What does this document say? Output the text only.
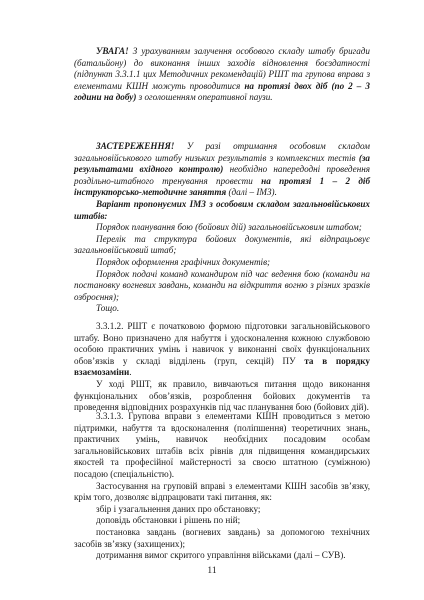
УВАГА! З урахуванням залучення особового складу штабу бригади (батальйону) до виконання інших заходів відновлення боєздатності (підпункт 3.3.1.1 цих Методичних рекомендацій) РШТ та групова вправа з елементами КШН можуть проводитися на протязі двох діб (по 2 – 3 години на добу) з оголошенням оперативної паузи.

ЗАСТЕРЕЖЕННЯ! У разі отримання особовим складом загальновійськового штабу низьких результатів з комплексних тестів (за результатами вхідного контролю) необхідно напередодні проведення роздільно-штабного тренування провести на протязі 1 – 2 діб інструкторсько-методичне заняття (далі – ІМЗ).

Варіант пропонуємих ІМЗ з особовим складом загальновійськових штабів:

Порядок планування бою (бойових дій) загальновійськовим штабом;

Перелік та структура бойових документів, які відпрацьовує загальновійськовий штаб;

Порядок оформлення графічних документів;

Порядок подачі команд командиром під час ведення бою (команди на постановку вогневих завдань, команди на відкриття вогню з різних зразків озброєння);

Тощо.

3.3.1.2. РШТ є початковою формою підготовки загальновійськового штабу. Воно призначено для набуття і удосконалення кожною службовою особою практичних умінь і навичок у виконанні своїх функціональних обов’язків у складі відділень (груп, секцій) ПУ та в порядку взаємозаміни.

У ході РШТ, як правило, вивчаються питання щодо виконання функціональних обов’язків, розроблення бойових документів та проведення відповідних розрахунків під час планування бою (бойових дій).

3.3.1.3. Групова вправи з елементами КШН проводиться з метою підтримки, набуття та вдосконалення (поліпшення) теоретичних знань, практичних умінь, навичок необхідних посадовим особам загальновійськових штабів всіх рівнів для підвищення командирських якостей та професійної майстерності за своєю штатною (суміжною) посадою (спеціальністю).

Застосування на груповій вправі з елементами КШН засобів зв’язку, крім того, дозволяє відпрацювати такі питання, як:

збір і узагальнення даних про обстановку;

доповідь обстановки і рішень по ній;

постановка завдань (вогневих завдань) за допомогою технічних засобів зв’язку (захищених);

дотримання вимог скритого управління військами (далі – СУВ).

11
